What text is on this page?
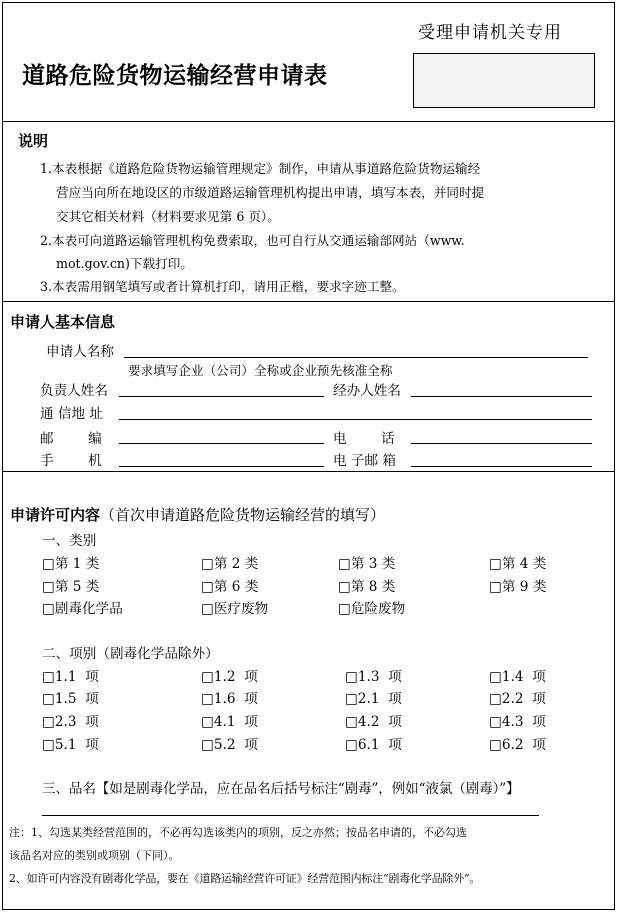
受理申请机关专用
道路危险货物运输经营申请表
说明
1.本表根据《道路危险货物运输管理规定》制作，申请从事道路危险货物运输经
营应当向所在地设区的市级道路运输管理机构提出申请，填写本表，并同时提
交其它相关材料（材料要求见第 6 页）。
2.本表可向道路运输管理机构免费索取，也可自行从交通运输部网站（www.
mot.gov.cn)下载打印。
3.本表需用钢笔填写或者计算机打印，请用正楷，要求字迹工整。
申请人基本信息
申请人名称
要求填写企业（公司）全称或企业预先核准全称
负责人姓名	经办人姓名
通 信地 址
邮        编	电        话
手        机	电 子邮 箱
申请许可内容（首次申请道路危险货物运输经营的填写）
一、类别
□第 1 类	□第 2 类	□第 3 类	□第 4 类
□第 5 类	□第 6 类	□第 8 类	□第 9 类
□剧毒化学品	□医疗废物	□危险废物
二、项别（剧毒化学品除外）
□1.1  项	□1.2  项	□1.3  项	□1.4  项
□1.5  项	□1.6  项	□2.1  项	□2.2  项
□2.3  项	□4.1  项	□4.2  项	□4.3  项
□5.1  项	□5.2  项	□6.1  项	□6.2  项
三、品名【如是剧毒化学品，应在品名后括号标注“剧毒”，例如“液氯（剧毒）”】
注：1、勾选某类经营范围的，不必再勾选该类内的项别，反之亦然；按品名申请的，不必勾选
该品名对应的类别或项别（下同）。
2、如许可内容没有剧毒化学品，要在《道路运输经营许可证》经营范围内标注“剧毒化学品除外”。
